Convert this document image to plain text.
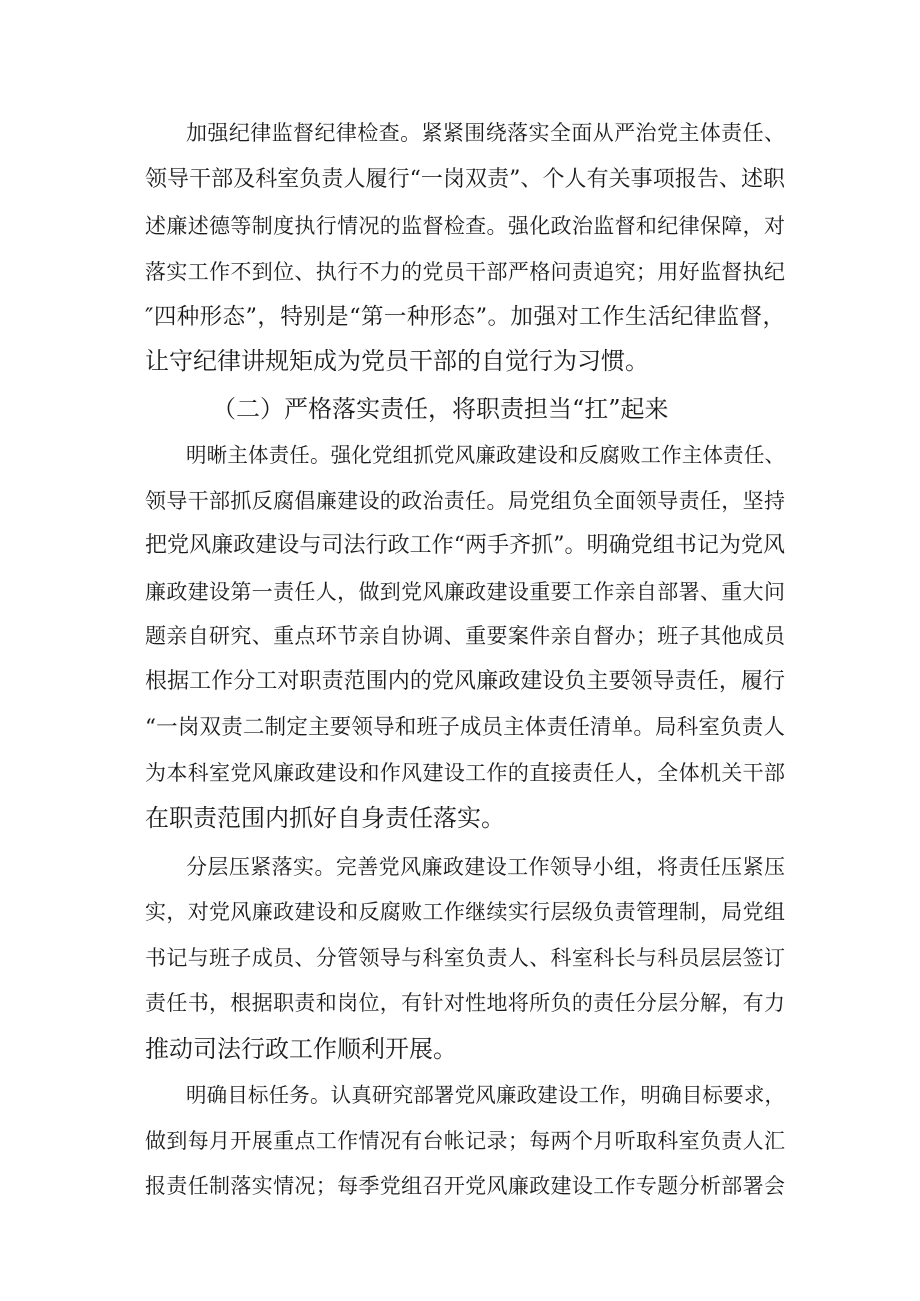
加强纪律监督纪律检查。紧紧围绕落实全面从严治党主体责任、
领导干部及科室负责人履行“一岗双责”、个人有关事项报告、述职
述廉述德等制度执行情况的监督检查。强化政治监督和纪律保障，对
落实工作不到位、执行不力的党员干部严格问责追究；用好监督执纪
″四种形态”，特别是“第一种形态”。加强对工作生活纪律监督，
让守纪律讲规矩成为党员干部的自觉行为习惯。
（二）严格落实责任，将职责担当“扛”起来
明晰主体责任。强化党组抓党风廉政建设和反腐败工作主体责任、
领导干部抓反腐倡廉建设的政治责任。局党组负全面领导责任，坚持
把党风廉政建设与司法行政工作“两手齐抓”。明确党组书记为党风
廉政建设第一责任人，做到党风廉政建设重要工作亲自部署、重大问
题亲自研究、重点环节亲自协调、重要案件亲自督办；班子其他成员
根据工作分工对职责范围内的党风廉政建设负主要领导责任，履行
“一岗双责二制定主要领导和班子成员主体责任清单。局科室负责人
为本科室党风廉政建设和作风建设工作的直接责任人，全体机关干部
在职责范围内抓好自身责任落实。
分层压紧落实。完善党风廉政建设工作领导小组，将责任压紧压
实，对党风廉政建设和反腐败工作继续实行层级负责管理制，局党组
书记与班子成员、分管领导与科室负责人、科室科长与科员层层签订
责任书，根据职责和岗位，有针对性地将所负的责任分层分解，有力
推动司法行政工作顺利开展。
明确目标任务。认真研究部署党风廉政建设工作，明确目标要求，
做到每月开展重点工作情况有台帐记录；每两个月听取科室负责人汇
报责任制落实情况；每季党组召开党风廉政建设工作专题分析部署会
